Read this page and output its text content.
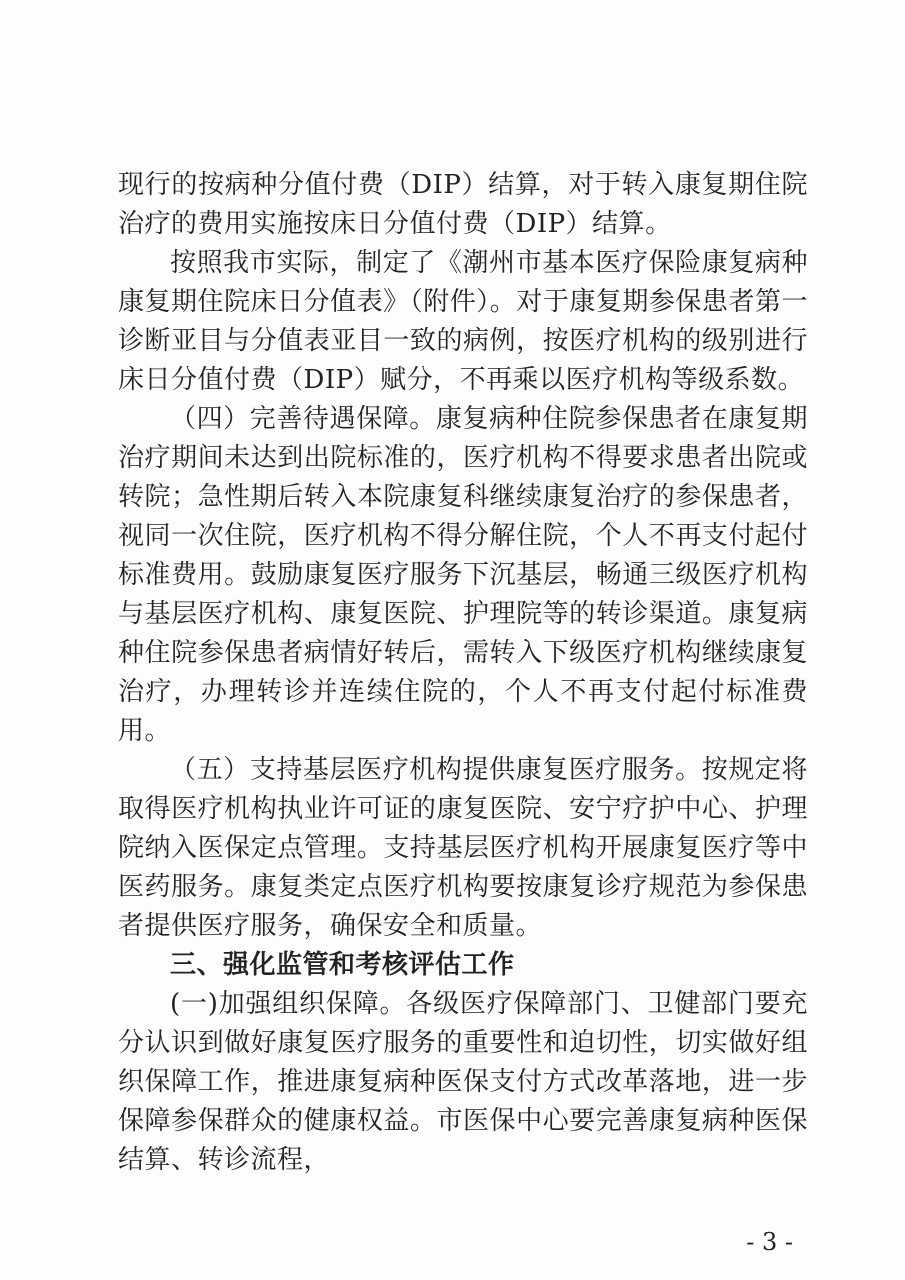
现行的按病种分值付费（DIP）结算，对于转入康复期住院治疗的费用实施按床日分值付费（DIP）结算。

按照我市实际，制定了《潮州市基本医疗保险康复病种康复期住院床日分值表》（附件）。对于康复期参保患者第一诊断亚目与分值表亚目一致的病例，按医疗机构的级别进行床日分值付费（DIP）赋分，不再乘以医疗机构等级系数。

（四）完善待遇保障。康复病种住院参保患者在康复期治疗期间未达到出院标准的，医疗机构不得要求患者出院或转院；急性期后转入本院康复科继续康复治疗的参保患者，视同一次住院，医疗机构不得分解住院，个人不再支付起付标准费用。鼓励康复医疗服务下沉基层，畅通三级医疗机构与基层医疗机构、康复医院、护理院等的转诊渠道。康复病种住院参保患者病情好转后，需转入下级医疗机构继续康复治疗，办理转诊并连续住院的，个人不再支付起付标准费用。

（五）支持基层医疗机构提供康复医疗服务。按规定将取得医疗机构执业许可证的康复医院、安宁疗护中心、护理院纳入医保定点管理。支持基层医疗机构开展康复医疗等中医药服务。康复类定点医疗机构要按康复诊疗规范为参保患者提供医疗服务，确保安全和质量。

三、强化监管和考核评估工作

(一)加强组织保障。各级医疗保障部门、卫健部门要充分认识到做好康复医疗服务的重要性和迫切性，切实做好组织保障工作，推进康复病种医保支付方式改革落地，进一步保障参保群众的健康权益。市医保中心要完善康复病种医保结算、转诊流程，

- 3 -
